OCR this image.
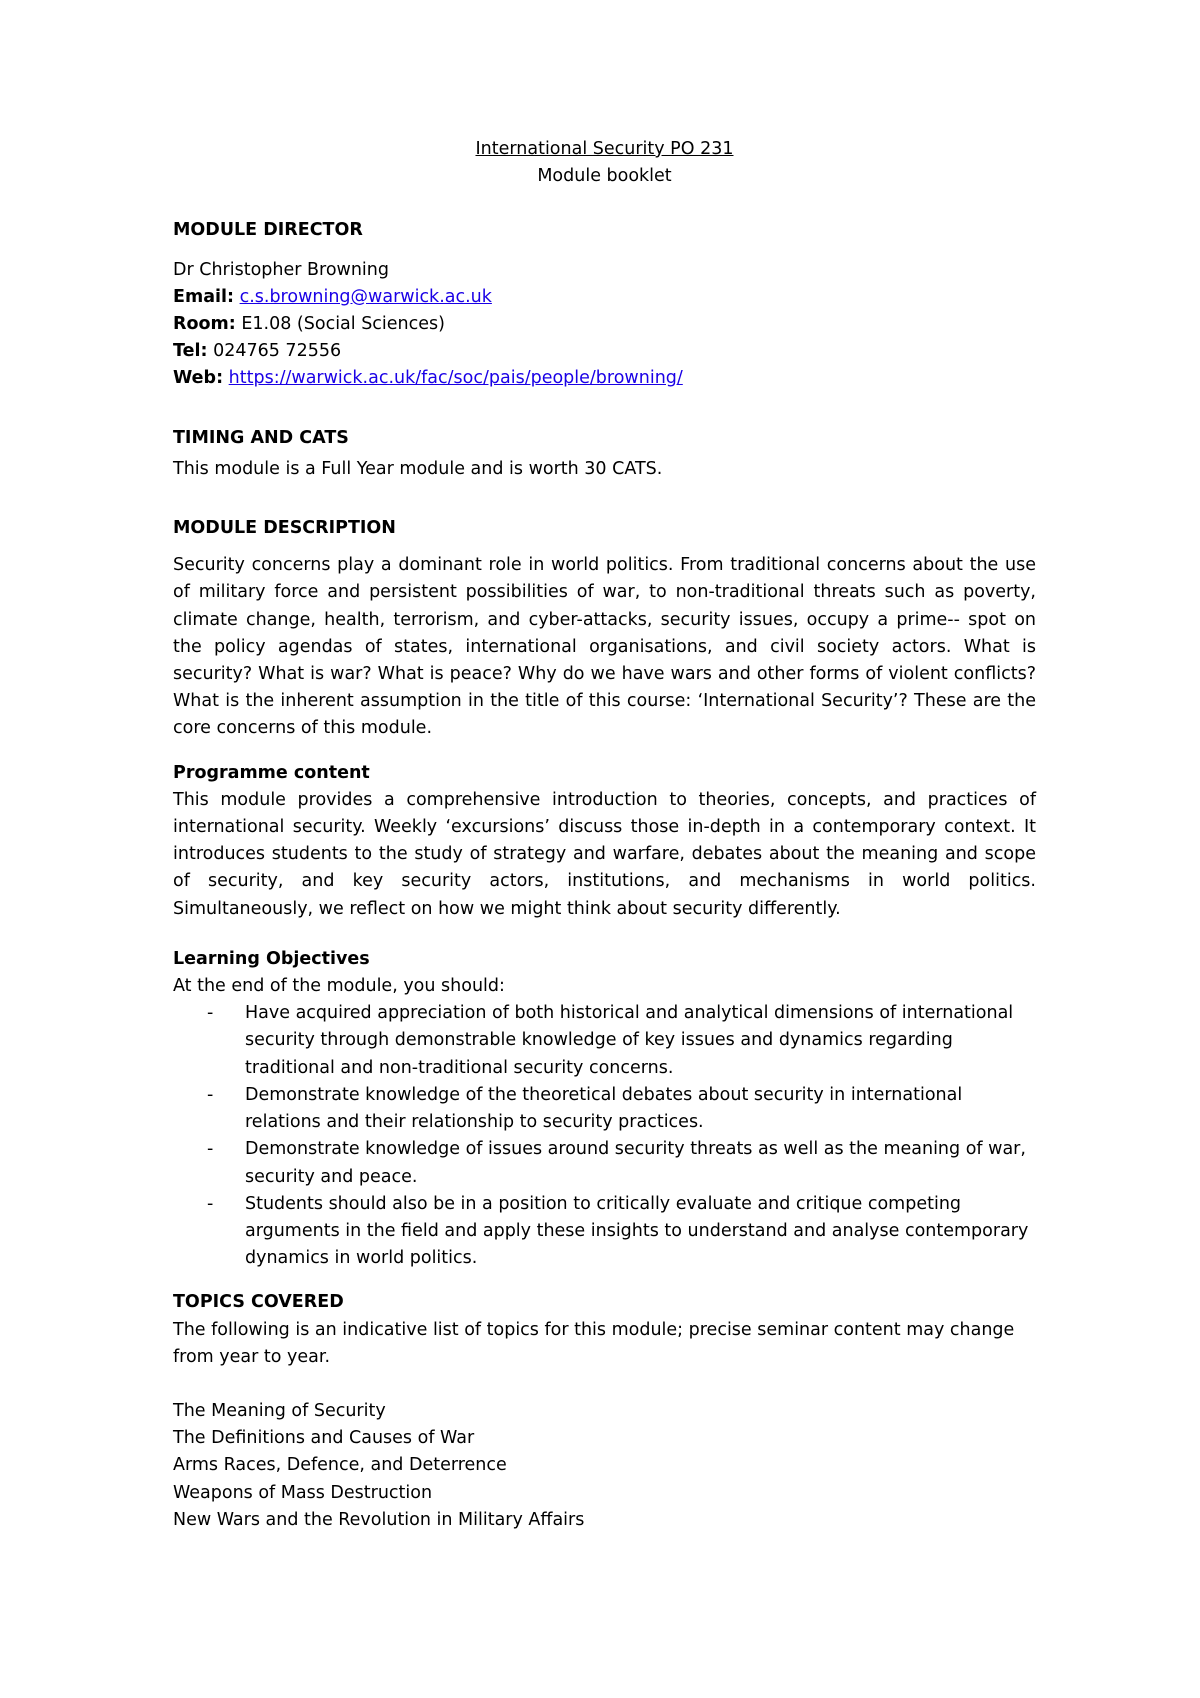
International Security PO 231

Module booklet

MODULE DIRECTOR

Dr Christopher Browning

Email: c.s.browning@warwick.ac.uk

Room: E1.08 (Social Sciences)

Tel: 024765 72556

Web: https://warwick.ac.uk/fac/soc/pais/people/browning/

TIMING AND CATS

This module is a Full Year module and is worth 30 CATS.

MODULE DESCRIPTION

Security concerns play a dominant role in world politics. From traditional concerns about the use of military force and persistent possibilities of war, to non-traditional threats such as poverty, climate change, health, terrorism, and cyber-attacks, security issues, occupy a prime-- spot on the policy agendas of states, international organisations, and civil society actors. What is security? What is war? What is peace? Why do we have wars and other forms of violent conflicts? What is the inherent assumption in the title of this course: ‘International Security’? These are the core concerns of this module.

Programme content

This module provides a comprehensive introduction to theories, concepts, and practices of international security. Weekly ‘excursions’ discuss those in-depth in a contemporary context. It introduces students to the study of strategy and warfare, debates about the meaning and scope of security, and key security actors, institutions, and mechanisms in world politics. Simultaneously, we reflect on how we might think about security differently.

Learning Objectives

At the end of the module, you should:

- Have acquired appreciation of both historical and analytical dimensions of international security through demonstrable knowledge of key issues and dynamics regarding traditional and non-traditional security concerns.
- Demonstrate knowledge of the theoretical debates about security in international relations and their relationship to security practices.
- Demonstrate knowledge of issues around security threats as well as the meaning of war, security and peace.
- Students should also be in a position to critically evaluate and critique competing arguments in the field and apply these insights to understand and analyse contemporary dynamics in world politics.

TOPICS COVERED

The following is an indicative list of topics for this module; precise seminar content may change from year to year.

The Meaning of Security

The Definitions and Causes of War

Arms Races, Defence, and Deterrence

Weapons of Mass Destruction

New Wars and the Revolution in Military Affairs
